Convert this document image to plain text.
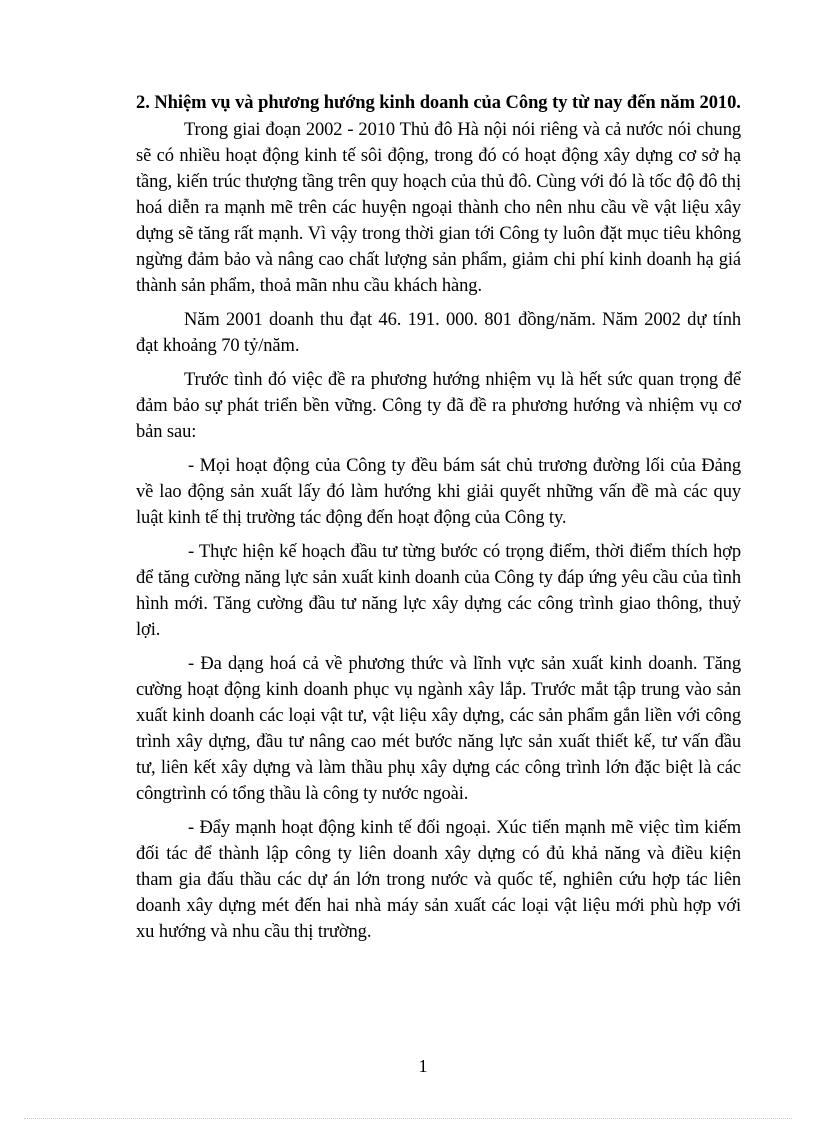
2. Nhiệm vụ và phương hướng kinh doanh của Công ty từ nay đến năm 2010.

Trong giai đoạn 2002 - 2010 Thủ đô Hà nội nói riêng và cả nước nói chung sẽ có nhiều hoạt động kinh tế sôi động, trong đó có hoạt động xây dựng cơ sở hạ tầng, kiến trúc thượng tầng trên quy hoạch của thủ đô. Cùng với đó là tốc độ đô thị hoá diễn ra mạnh mẽ trên các huyện ngoại thành cho nên nhu cầu về vật liệu xây dựng sẽ tăng rất mạnh. Vì vậy trong thời gian tới Công ty luôn đặt mục tiêu không ngừng đảm bảo và nâng cao chất lượng sản phẩm, giảm chi phí kinh doanh hạ giá thành sản phẩm, thoả mãn nhu cầu khách hàng.

Năm 2001 doanh thu đạt 46. 191. 000. 801 đồng/năm. Năm 2002 dự tính đạt khoảng 70 tỷ/năm.

Trước tình đó việc đề ra phương hướng nhiệm vụ là hết sức quan trọng để đảm bảo sự phát triển bền vững. Công ty đã đề ra phương hướng và nhiệm vụ cơ bản sau:

- Mọi hoạt động của Công ty đều bám sát chủ trương đường lối của Đảng về lao động sản xuất lấy đó làm hướng khi giải quyết những vấn đề mà các quy luật kinh tế thị trường tác động đến hoạt động của Công ty.

- Thực hiện kế hoạch đầu tư từng bước có trọng điểm, thời điểm thích hợp để tăng cường năng lực sản xuất kinh doanh của Công ty đáp ứng yêu cầu của tình hình mới. Tăng cường đầu tư năng lực xây dựng các công trình giao thông, thuỷ lợi.

- Đa dạng hoá cả về phương thức và lĩnh vực sản xuất kinh doanh. Tăng cường hoạt động kinh doanh phục vụ ngành xây lắp. Trước mắt tập trung vào sản xuất kinh doanh các loại vật tư, vật liệu xây dựng, các sản phẩm gắn liền với công trình xây dựng, đầu tư nâng cao mét bước năng lực sản xuất thiết kế, tư vấn đầu tư, liên kết xây dựng và làm thầu phụ xây dựng các công trình lớn đặc biệt là các côngtrình có tổng thầu là công ty nước ngoài.

- Đẩy mạnh hoạt động kinh tế đối ngoại. Xúc tiến mạnh mẽ việc tìm kiếm đối tác để thành lập công ty liên doanh xây dựng có đủ khả năng và điều kiện tham gia đấu thầu các dự án lớn trong nước và quốc tế, nghiên cứu hợp tác liên doanh xây dựng mét đến hai nhà máy sản xuất các loại vật liệu mới phù hợp với xu hướng và nhu cầu thị trường.

1
